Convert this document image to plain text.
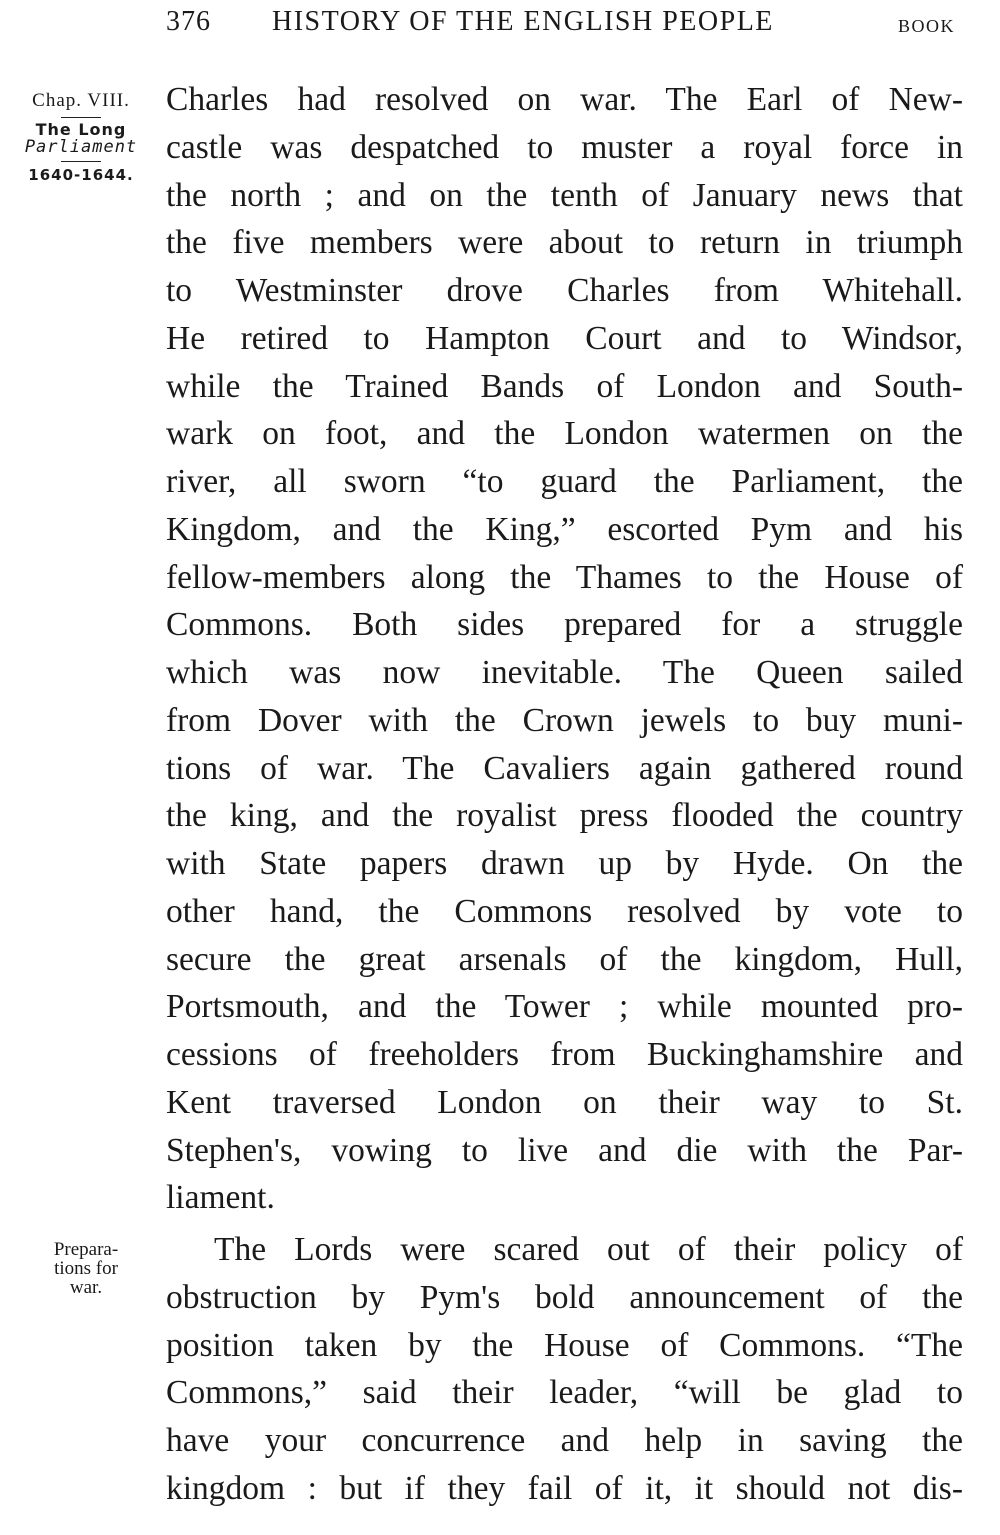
376 HISTORY OF THE ENGLISH PEOPLE	BOOK
Chap. VIII.
The Long
Parliament
1640-1644.
Prepara-
tions for
war.
Charles had resolved on war. The Earl of New-
castle was despatched to muster a royal force in
the north ; and on the tenth of January news that
the five members were about to return in triumph
to Westminster drove Charles from Whitehall.
He retired to Hampton Court and to Windsor,
while the Trained Bands of London and South-
wark on foot, and the London watermen on the
river, all sworn “to guard the Parliament, the
Kingdom, and the King,” escorted Pym and his
fellow-members along the Thames to the House of
Commons. Both sides prepared for a struggle
which was now inevitable. The Queen sailed
from Dover with the Crown jewels to buy muni-
tions of war. The Cavaliers again gathered round
the king, and the royalist press flooded the country
with State papers drawn up by Hyde. On the
other hand, the Commons resolved by vote to
secure the great arsenals of the kingdom, Hull,
Portsmouth, and the Tower ; while mounted pro-
cessions of freeholders from Buckinghamshire and
Kent traversed London on their way to St.
Stephen's, vowing to live and die with the Par-
liament.
The Lords were scared out of their policy of
obstruction by Pym's bold announcement of the
position taken by the House of Commons. “The
Commons,” said their leader, “will be glad to
have your concurrence and help in saving the
kingdom : but if they fail of it, it should not dis-
